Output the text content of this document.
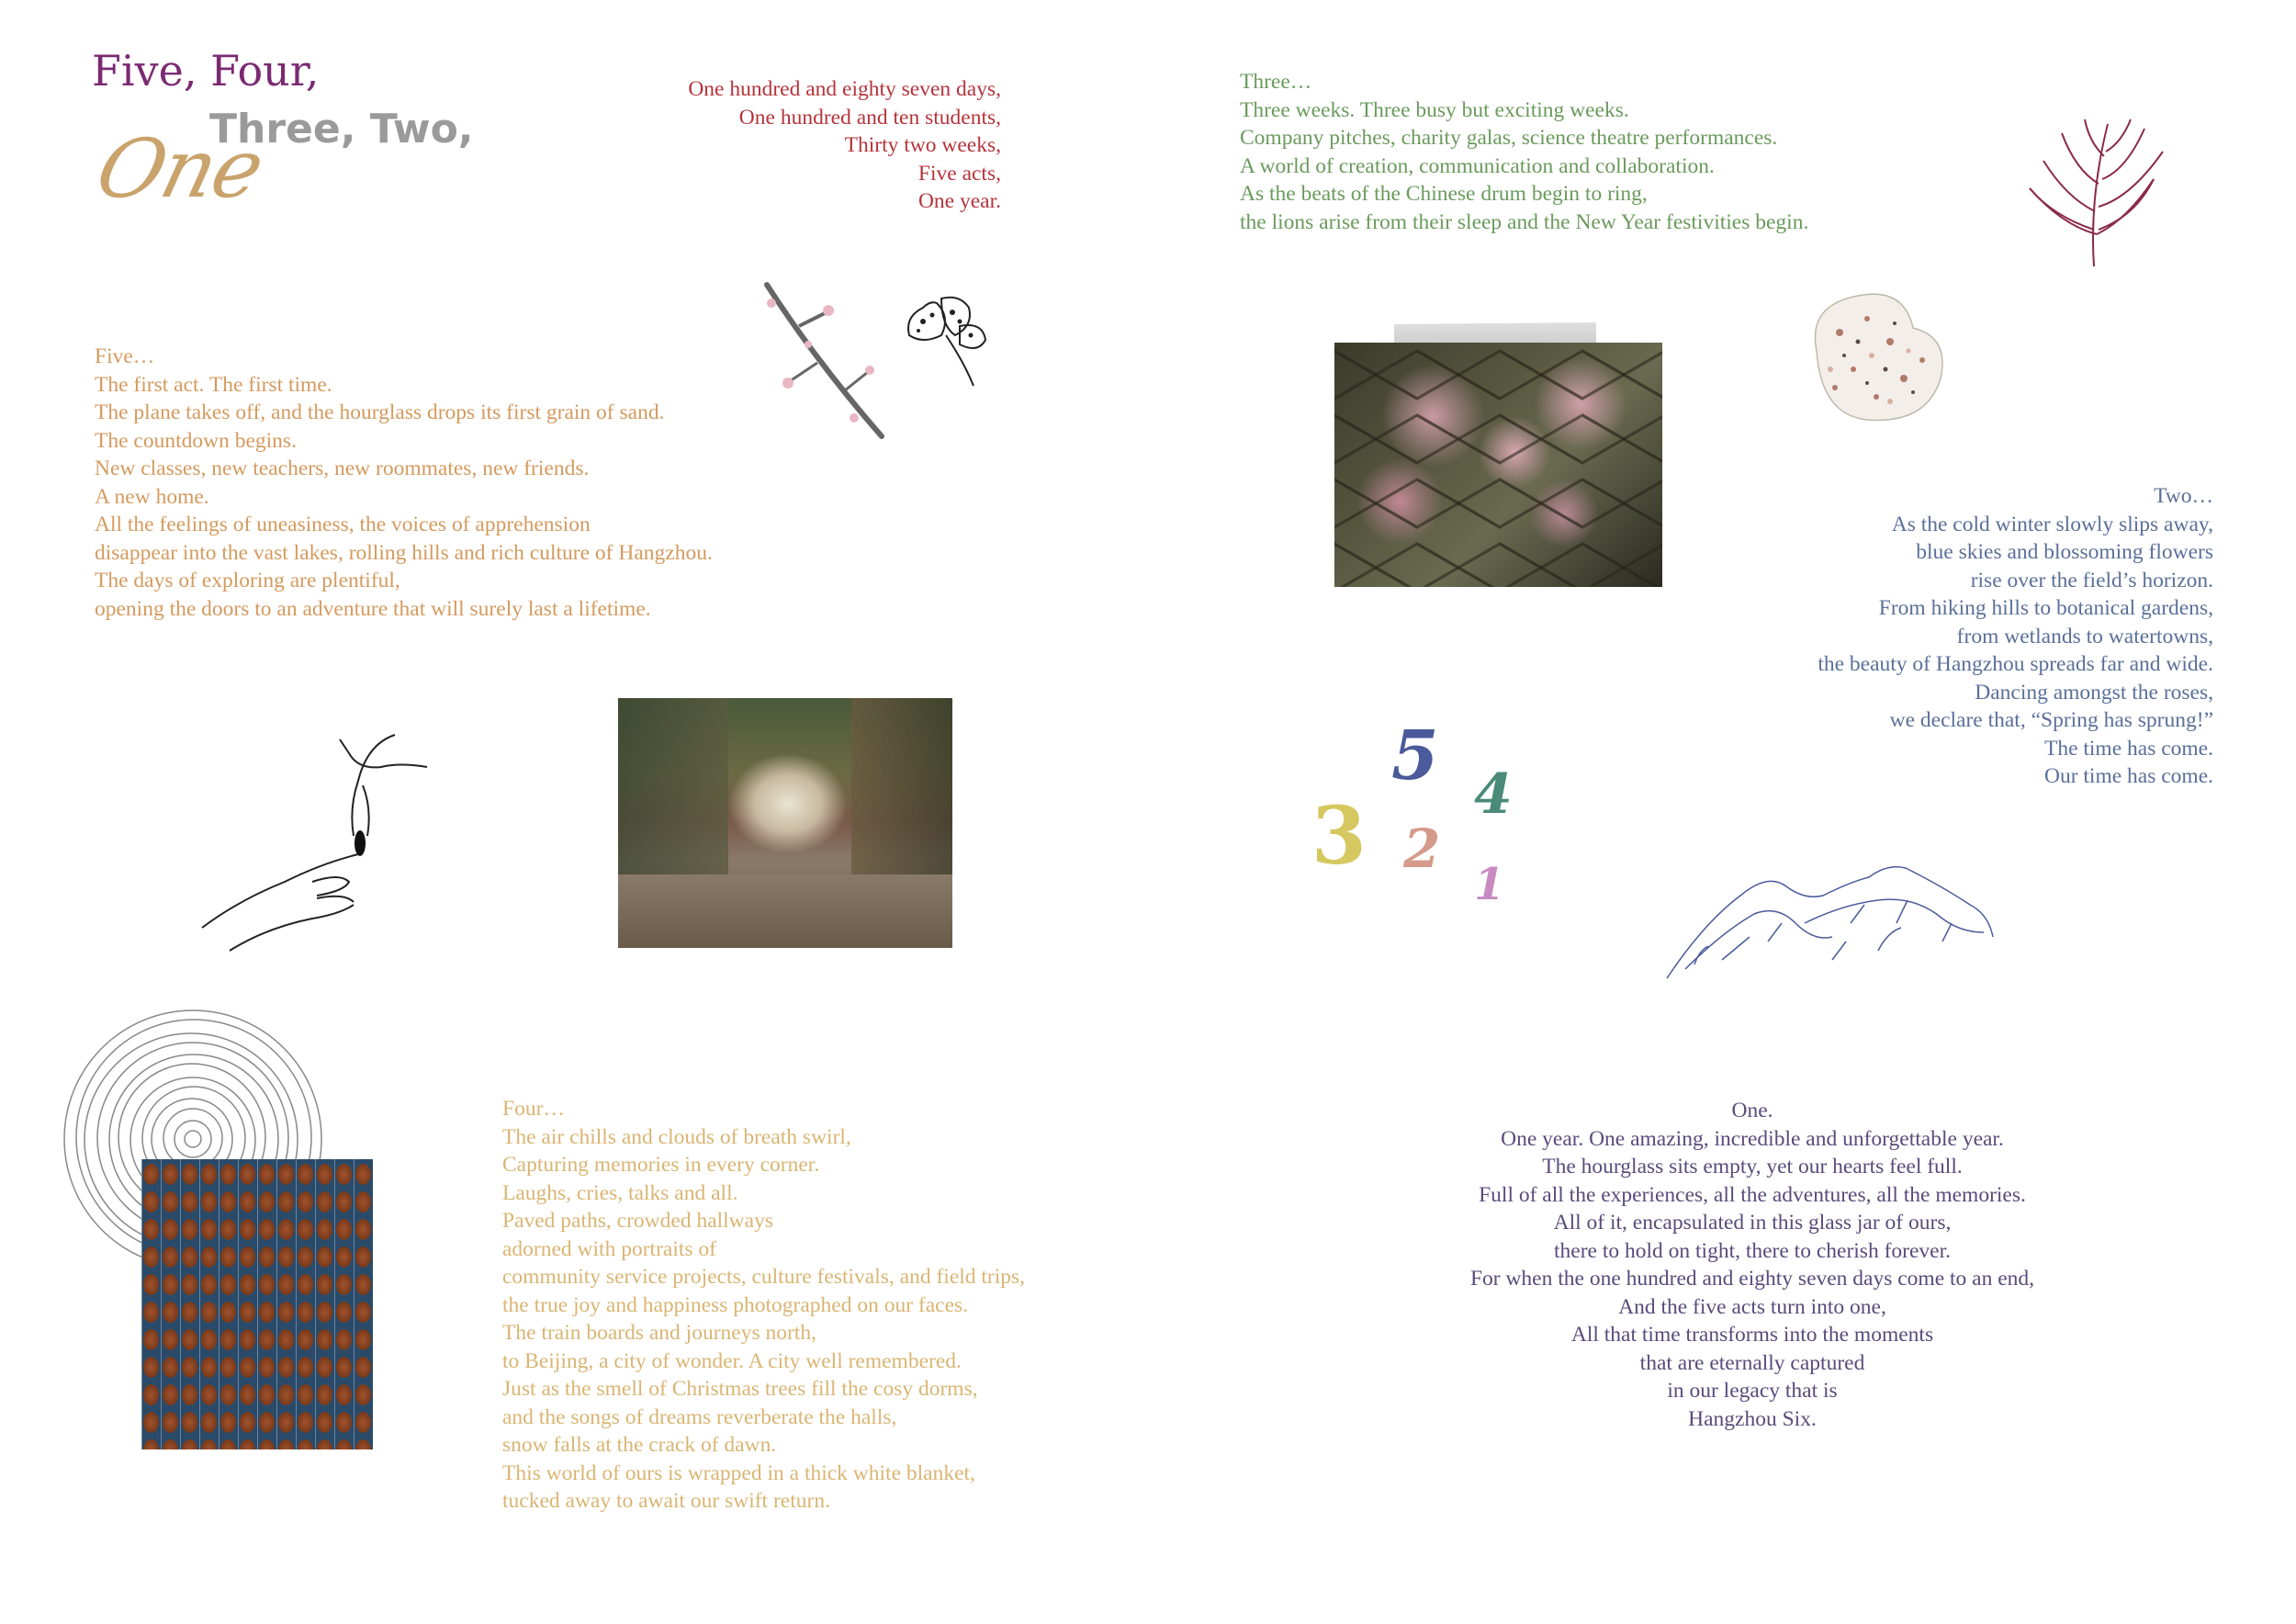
Five, Four,
Three, Two,
One
One hundred and eighty seven days,
One hundred and ten students,
Thirty two weeks,
Five acts,
One year.
Five…
The first act. The first time.
The plane takes off, and the hourglass drops its first grain of sand.
The countdown begins.
New classes, new teachers, new roommates, new friends.
A new home.
All the feelings of uneasiness, the voices of apprehension
disappear into the vast lakes, rolling hills and rich culture of Hangzhou.
The days of exploring are plentiful,
opening the doors to an adventure that will surely last a lifetime.
Four…
The air chills and clouds of breath swirl,
Capturing memories in every corner.
Laughs, cries, talks and all.
Paved paths, crowded hallways
adorned with portraits of
community service projects, culture festivals, and field trips,
the true joy and happiness photographed on our faces.
The train boards and journeys north,
to Beijing, a city of wonder. A city well remembered.
Just as the smell of Christmas trees fill the cosy dorms,
and the songs of dreams reverberate the halls,
snow falls at the crack of dawn.
This world of ours is wrapped in a thick white blanket,
tucked away to await our swift return.
Three…
Three weeks. Three busy but exciting weeks.
Company pitches, charity galas, science theatre performances.
A world of creation, communication and collaboration.
As the beats of the Chinese drum begin to ring,
the lions arise from their sleep and the New Year festivities begin.
Two…
As the cold winter slowly slips away,
blue skies and blossoming flowers
rise over the field’s horizon.
From hiking hills to botanical gardens,
from wetlands to watertowns,
the beauty of Hangzhou spreads far and wide.
Dancing amongst the roses,
we declare that, “Spring has sprung!”
The time has come.
Our time has come.
5 4
3 2
1
One.
One year. One amazing, incredible and unforgettable year.
The hourglass sits empty, yet our hearts feel full.
Full of all the experiences, all the adventures, all the memories.
All of it, encapsulated in this glass jar of ours,
there to hold on tight, there to cherish forever.
For when the one hundred and eighty seven days come to an end,
And the five acts turn into one,
All that time transforms into the moments
that are eternally captured
in our legacy that is
Hangzhou Six.
